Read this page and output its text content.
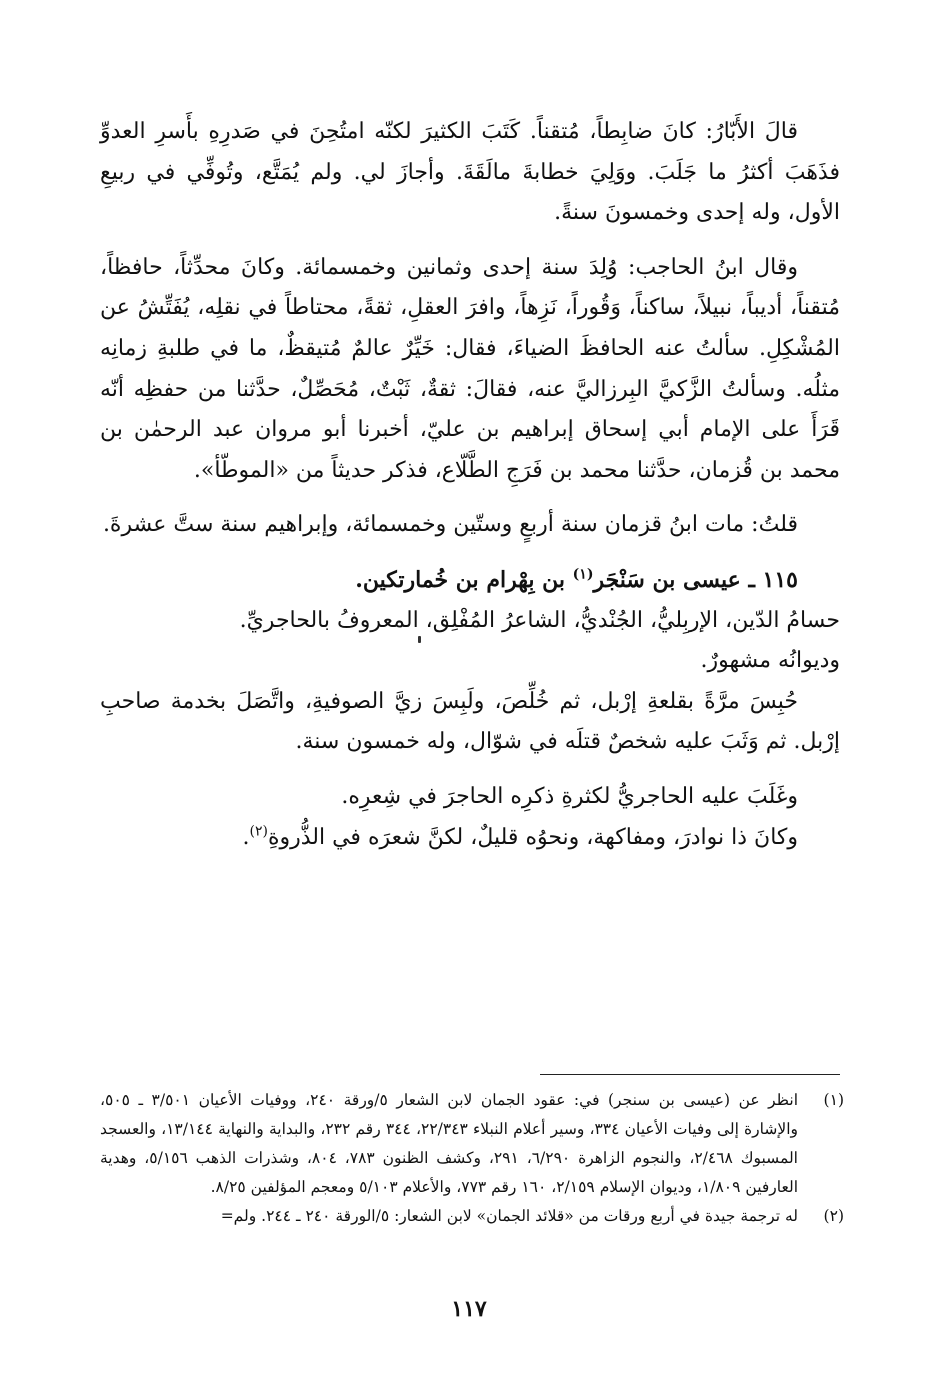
قالَ الأَبّارُ: كانَ ضابِطاً، مُتقناً. كَتَبَ الكثيرَ لكنّه امتُحِنَ في صَدرِهِ بأَسرِ العدوِّ فذَهَبَ أكثرُ ما جَلَبَ. ووَلِيَ خطابةَ مالَقَةَ. وأجازَ لي. ولم يُمَتَّع، وتُوفِّي في ربيعِ الأول، وله إحدى وخمسونَ سنةً.

وقال ابنُ الحاجب: وُلِدَ سنة إحدى وثمانين وخمسمائة. وكانَ محدِّثاً، حافظاً، مُتقناً، أديباً، نبيلاً، ساكناً، وَقُوراً، نَزِهاً، وافرَ العقلِ، ثقةً، محتاطاً في نقلِه، يُفَتِّشُ عن المُشْكِلِ. سألتُ عنه الحافظَ الضياءَ، فقال: خَيِّرٌ عالمٌ مُتيقظٌ، ما في طلبةِ زمانِه مثلُه. وسألتُ الزَّكيَّ البِرزاليَّ عنه، فقالَ: ثقةٌ، ثَبْتٌ، مُحَصِّلٌ، حدَّثنا من حفظِه أنّه قَرَأَ على الإمام أبي إسحاق إبراهيم بن عليّ، أخبرنا أبو مروان عبد الرحمٰن بن محمد بن قُزمان، حدَّثنا محمد بن فَرَجِ الطَّلّاع، فذكر حديثاً من «الموطّأ».

قلتُ: مات ابنُ قزمان سنة أربعٍ وستّين وخمسمائة، وإبراهيم سنة ستَّ عشرةَ.

١١٥ ـ عيسى بن سَنْجَر$^{(١)}$ بن بِهْرام بن خُمارتكين.

حسامُ الدّين، الإربِليُّ، الجُنْديُّ، الشاعرُ المُفْلِق، المعروفُ بالحاجريِّ.

وديوانُه مشهورٌ.

حُبِسَ مرَّةً بقلعةِ إرْبل، ثم خُلِّصَ، ولَبِسَ زيَّ الصوفيةِ، واتَّصَلَ بخدمة صاحبِ إرْبل. ثم وَثَبَ عليه شخصٌ قتلَه في شوّال، وله خمسون سنة.

وغَلَبَ عليه الحاجريُّ لكثرةِ ذكرِه الحاجرَ في شِعرِه.

وكانَ ذا نوادرَ، ومفاكهة، ونحوُه قليلٌ، لكنَّ شعرَه في الذُّروةِ$^{(٢)}$.

(١)
انظر عن (عيسى بن سنجر) في: عقود الجمان لابن الشعار ٥/ورقة ٢٤٠، ووفيات الأعيان ٣/٥٠١ ـ ٥٠٥، والإشارة إلى وفيات الأعيان ٣٣٤، وسير أعلام النبلاء ٢٢/٣٤٣، ٣٤٤ رقم ٢٣٢، والبداية والنهاية ١٣/١٤٤، والعسجد المسبوك ٢/٤٦٨، والنجوم الزاهرة ٦/٢٩٠، ٢٩١، وكشف الظنون ٧٨٣، ٨٠٤، وشذرات الذهب ٥/١٥٦، وهدية العارفين ١/٨٠٩، وديوان الإسلام ٢/١٥٩، ١٦٠ رقم ٧٧٣، والأعلام ٥/١٠٣ ومعجم المؤلفين ٨/٢٥.

(٢)
له ترجمة جيدة في أربع ورقات من «قلائد الجمان» لابن الشعار: ٥/الورقة ٢٤٠ ـ ٢٤٤. ولم=

١١٧
